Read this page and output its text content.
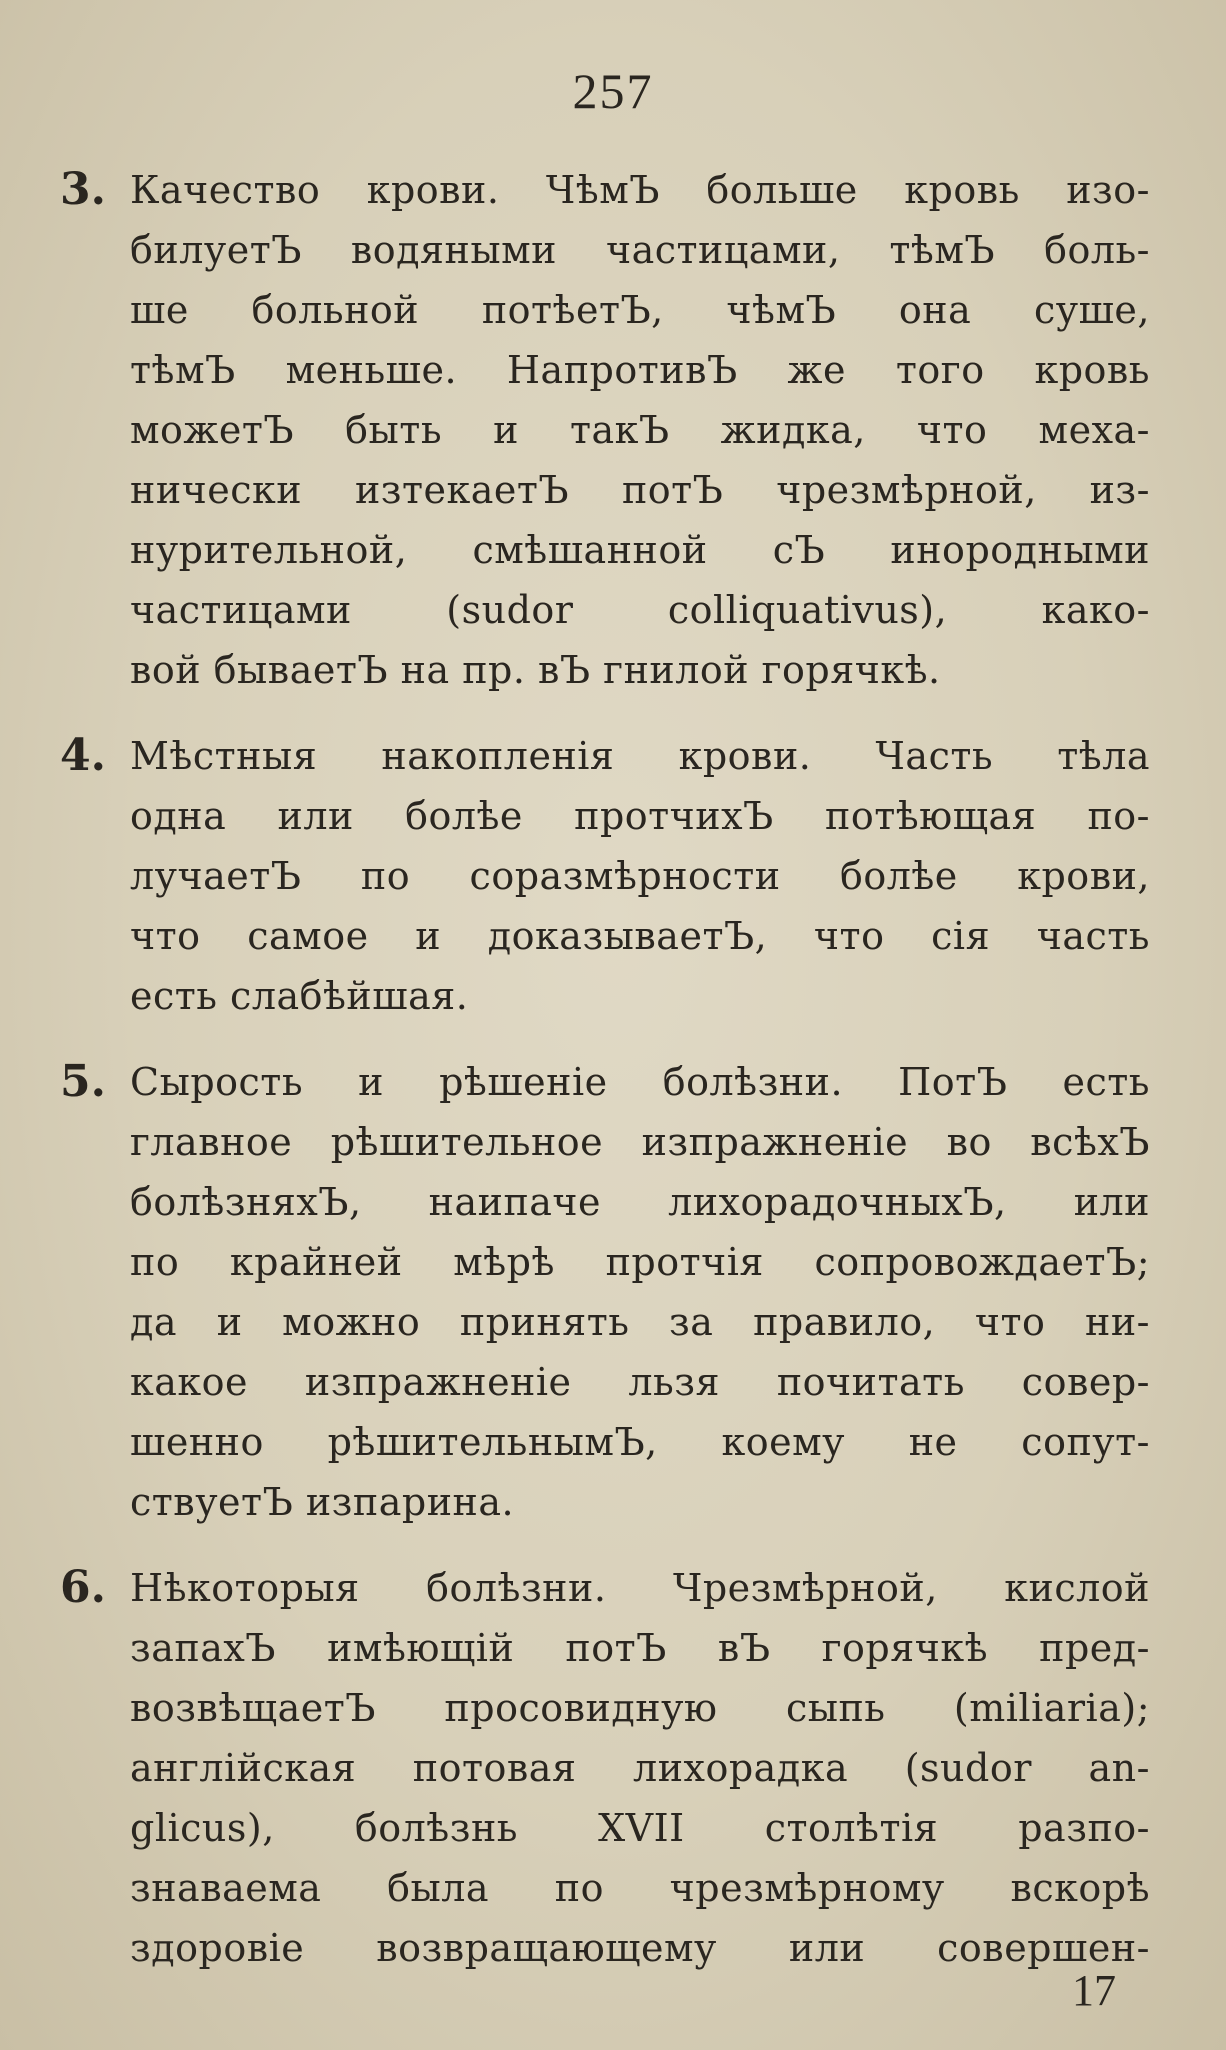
257
3. Качество крови. ЧѣмЪ больше кровь изо-
билуетЪ водяными частицами, тѣмЪ боль-
ше больной потѣетЪ, чѣмЪ она суше,
тѣмЪ меньше. НапротивЪ же того кровь
можетЪ быть и такЪ жидка, что меха-
нически изтекаетЪ потЪ чрезмѣрной, из-
нурительной, смѣшанной сЪ инородными
частицами (sudor colliquativus), како-
вой бываетЪ на пр. вЪ гнилой горячкѣ.
4. Мѣстныя накопленія крови. Часть тѣла
одна или болѣе протчихЪ потѣющая по-
лучаетЪ по соразмѣрности болѣе крови,
что самое и доказываетЪ, что сія часть
есть слабѣйшая.
5. Сырость и рѣшеніе болѣзни. ПотЪ есть
главное рѣшительное изпражненіе во всѣхЪ
болѣзняхЪ, наипаче лихорадочныхЪ, или
по крайней мѣрѣ протчія сопровождаетЪ;
да и можно принять за правило, что ни-
какое изпражненіе льзя почитать совер-
шенно рѣшительнымЪ, коему не сопут-
ствуетЪ изпарина.
6. Нѣкоторыя болѣзни. Чрезмѣрной, кислой
запахЪ имѣющій потЪ вЪ горячкѣ пред-
возвѣщаетЪ просовидную сыпь (miliaria);
англійская потовая лихорадка (sudor an-
glicus), болѣзнь XVII столѣтія разпо-
знаваема была по чрезмѣрному вскорѣ
здоровіе возвращающему или совершен-
17
